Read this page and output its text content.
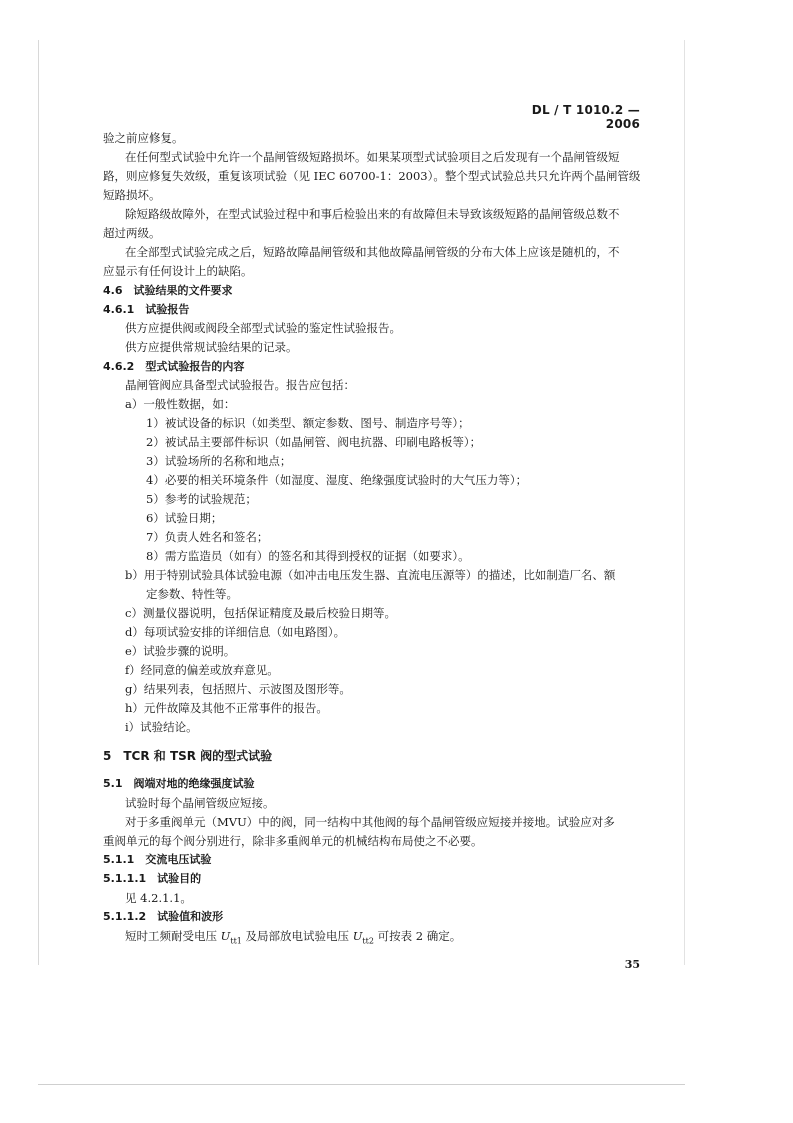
DL / T 1010.2 — 2006
验之前应修复。
在任何型式试验中允许一个晶闸管级短路损坏。如果某项型式试验项目之后发现有一个晶闸管级短
路，则应修复失效级，重复该项试验（见 IEC 60700-1：2003）。整个型式试验总共只允许两个晶闸管级
短路损坏。
除短路级故障外，在型式试验过程中和事后检验出来的有故障但未导致该级短路的晶闸管级总数不
超过两级。
在全部型式试验完成之后，短路故障晶闸管级和其他故障晶闸管级的分布大体上应该是随机的，不
应显示有任何设计上的缺陷。
4.6　试验结果的文件要求
4.6.1　试验报告
供方应提供阀或阀段全部型式试验的鉴定性试验报告。
供方应提供常规试验结果的记录。
4.6.2　型式试验报告的内容
晶闸管阀应具备型式试验报告。报告应包括：
a）一般性数据，如：
1）被试设备的标识（如类型、额定参数、图号、制造序号等）；
2）被试品主要部件标识（如晶闸管、阀电抗器、印刷电路板等）；
3）试验场所的名称和地点；
4）必要的相关环境条件（如湿度、湿度、绝缘强度试验时的大气压力等）；
5）参考的试验规范；
6）试验日期；
7）负责人姓名和签名；
8）需方监造员（如有）的签名和其得到授权的证据（如要求）。
b）用于特别试验具体试验电源（如冲击电压发生器、直流电压源等）的描述，比如制造厂名、额
定参数、特性等。
c）测量仪器说明，包括保证精度及最后校验日期等。
d）每项试验安排的详细信息（如电路图）。
e）试验步骤的说明。
f）经同意的偏差或放弃意见。
g）结果列表，包括照片、示波图及图形等。
h）元件故障及其他不正常事件的报告。
i）试验结论。
5　TCR 和 TSR 阀的型式试验
5.1　阀端对地的绝缘强度试验
试验时每个晶闸管级应短接。
对于多重阀单元（MVU）中的阀，同一结构中其他阀的每个晶闸管级应短接并接地。试验应对多
重阀单元的每个阀分别进行，除非多重阀单元的机械结构布局使之不必要。
5.1.1　交流电压试验
5.1.1.1　试验目的
见 4.2.1.1。
5.1.1.2　试验值和波形
短时工频耐受电压 $U_{tt1}$ 及局部放电试验电压 $U_{tt2}$ 可按表 2 确定。
35
